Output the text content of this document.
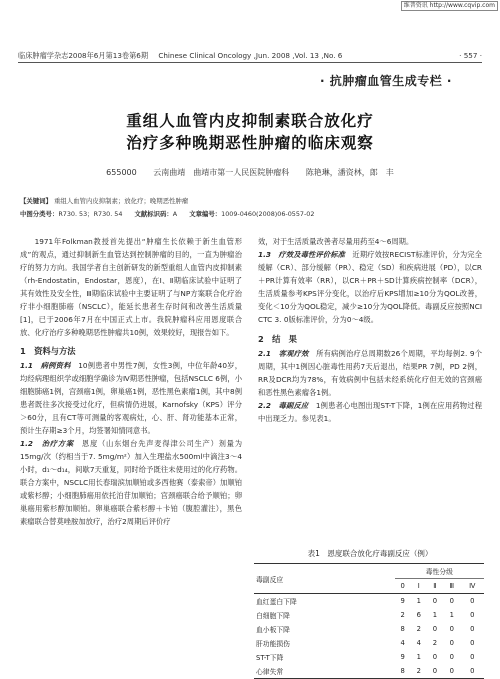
维普资讯 http://www.cqvip.com
临床肿瘤学杂志2008年6月第13卷第6期 Chinese Clinical Oncology ,Jun. 2008 ,Vol. 13 ,No. 6	· 557 ·
· 抗肿瘤血管生成专栏 ·
重组人血管内皮抑制素联合放化疗
治疗多种晚期恶性肿瘤的临床观察
655000 云南曲靖　曲靖市第一人民医院肿瘤科 陈艳琳，潘资林，郎　丰
【关键词】 重组人血管内皮抑制素；放化疗；晚期恶性肿瘤
中图分类号：R730. 53；R730. 54 文献标识码：A 文章编号：1009-0460(2008)06-0557-02

1971年Folkman教授首先提出“肿瘤生长依赖于新生血管形成”的观点，通过抑制新生血管达到控制肿瘤的目的，一直为肿瘤治疗的努力方向。我国学者自主创新研发的新型重组人血管内皮抑制素（rh-Endostatin，Endostar，恩度），在Ⅰ、Ⅱ期临床试验中证明了其有效性及安全性，Ⅲ期临床试验中主要证明了与NP方案联合化疗治疗非小细胞肺癌（NSCLC），能延长患者生存时间和改善生活质量[1]，已于2006年7月在中国正式上市。我院肿瘤科应用恩度联合放、化疗治疗多种晚期恶性肿瘤共10例，效果较好，现报告如下。

1　资料与方法

1.1　病例资料　 10例患者中男性7例，女性3例，中位年龄40岁，均经病理组织学或细胞学确诊为Ⅳ期恶性肿瘤，包括NSCLC 6例，小细胞肺癌1例，宫颈癌1例，卵巢癌1例，恶性黑色素瘤1例，其中8例患者既往多次接受过化疗，但病情仍进展，Karnofsky（KPS）评分＞60分，且有CT等可测量的客观病灶，心、肝、肾功能基本正常，预计生存期≥3个月，均签署知情同意书。

1.2　治疗方案　 恩度（山东烟台先声麦得津公司生产）剂量为15mg/次（约相当于7. 5mg/m²）加入生理盐水500ml中滴注3～4小时，d₁～d₁₄，间歇7天重复，同时给予既往未使用过的化疗药物。联合方案中，NSCLC用长春瑞滨加顺铂或多西他赛（泰索帝）加顺铂或紫杉醇；小细胞肺癌用依托泊苷加顺铂；宫颈癌联合给予顺铂；卵巢癌用紫杉醇加顺铂。卵巢癌联合紫杉醇＋卡铂（腹腔灌注），黑色素瘤联合替莫唑胺加放疗，治疗2周期后评价疗

效，对于生活质量改善者尽量用药至4～6周期。

1.3　疗效及毒性评价标准　 近期疗效按RECIST标准评价，分为完全缓解（CR）、部分缓解（PR）、稳定（SD）和疾病进展（PD），以CR＋PR计算有效率（RR），以CR＋PR＋SD计算疾病控制率（DCR），生活质量参考KPS评分变化，以治疗后KPS增加≥10分为QOL改善，变化＜10分为QOL稳定，减少≥10分为QOL降低。毒副反应按照NCI CTC 3. 0版标准评价，分为0～4级。

2　结　果

2.1　客观疗效　 所有病例治疗总周期数26个周期，平均每例2. 9个周期，其中1例因心脏毒性用药7天后退出，结果PR 7例，PD 2例，RR及DCR均为78%，有效病例中包括未经系统化疗但无效的宫颈癌和恶性黑色素瘤各1例。

2.2　毒副反应　 1例患者心电图出现ST-T下降，1例在应用药物过程中出现乏力。参见表1。

表1　恩度联合放化疗毒副反应（例）
毒副反应	毒性分级				
	0	Ⅰ	Ⅱ	Ⅲ	Ⅳ
血红蛋白下降	9	1	0	0	0
白细胞下降	2	6	1	1	0
血小板下降	8	2	0	0	0
肝功能损伤	4	4	2	0	0
ST-T下降	9	1	0	0	0
心律失常	8	2	0	0	0
